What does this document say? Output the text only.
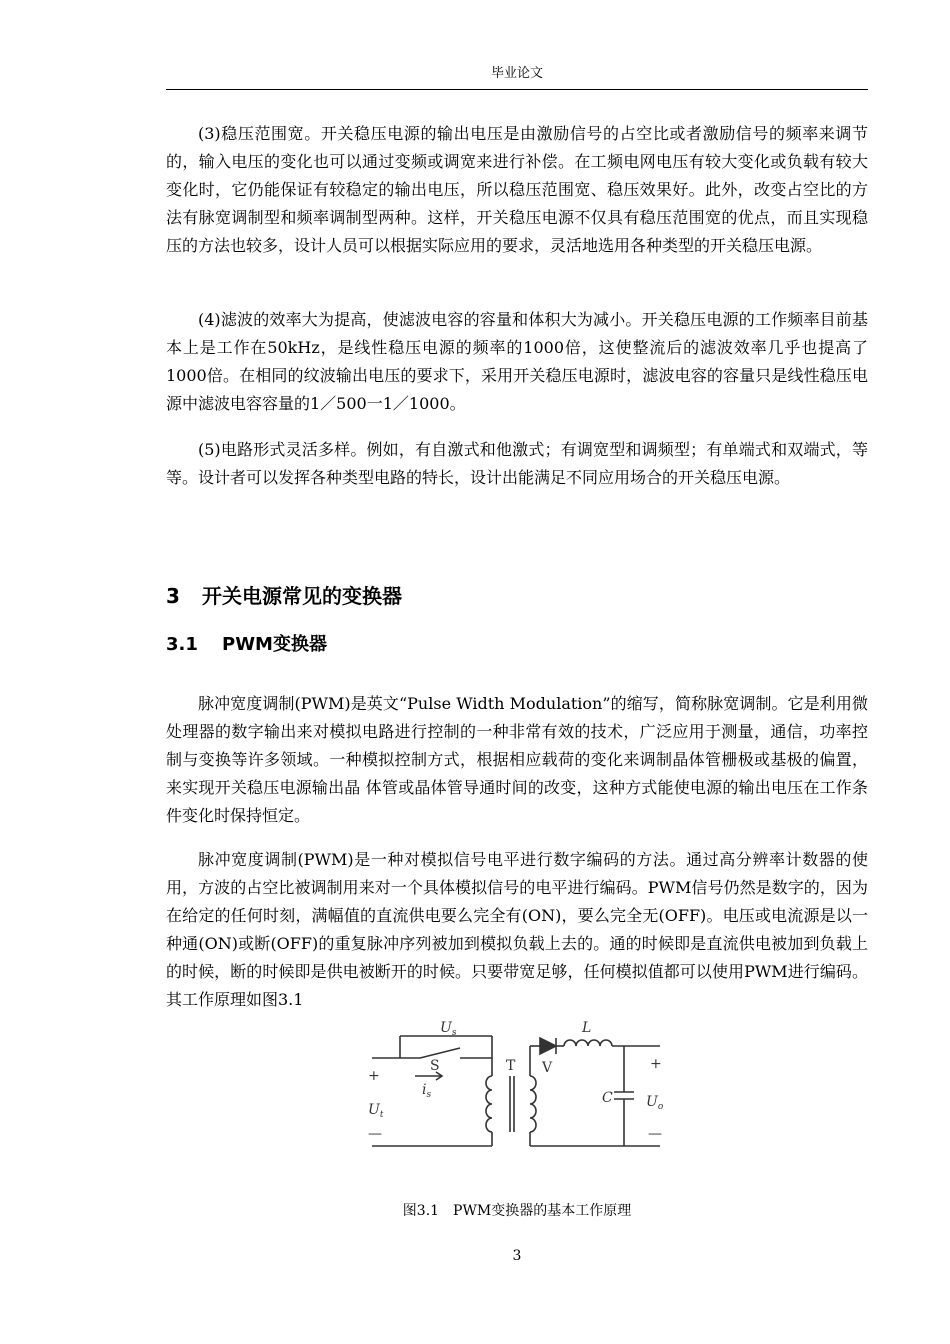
毕业论文

(3)稳压范围宽。开关稳压电源的输出电压是由激励信号的占空比或者激励信号的频率来调节的，输入电压的变化也可以通过变频或调宽来进行补偿。在工频电网电压有较大变化或负载有较大变化时，它仍能保证有较稳定的输出电压，所以稳压范围宽、稳压效果好。此外，改变占空比的方法有脉宽调制型和频率调制型两种。这样，开关稳压电源不仅具有稳压范围宽的优点，而且实现稳压的方法也较多，设计人员可以根据实际应用的要求，灵活地选用各种类型的开关稳压电源。

(4)滤波的效率大为提高，使滤波电容的容量和体积大为减小。开关稳压电源的工作频率目前基本上是工作在50kHz，是线性稳压电源的频率的1000倍，这使整流后的滤波效率几乎也提高了1000倍。在相同的纹波输出电压的要求下，采用开关稳压电源时，滤波电容的容量只是线性稳压电源中滤波电容容量的1／500一1／1000。

(5)电路形式灵活多样。例如，有自激式和他激式；有调宽型和调频型；有单端式和双端式，等等。设计者可以发挥各种类型电路的特长，设计出能满足不同应用场合的开关稳压电源。

3 开关电源常见的变换器
3.1 PWM变换器

脉冲宽度调制(PWM)是英文“Pulse Width Modulation”的缩写，简称脉宽调制。它是利用微处理器的数字输出来对模拟电路进行控制的一种非常有效的技术，广泛应用于测量，通信，功率控制与变换等许多领域。一种模拟控制方式，根据相应载荷的变化来调制晶体管栅极或基极的偏置，来实现开关稳压电源输出晶 体管或晶体管导通时间的改变，这种方式能使电源的输出电压在工作条件变化时保持恒定。

脉冲宽度调制(PWM)是一种对模拟信号电平进行数字编码的方法。通过高分辨率计数器的使用，方波的占空比被调制用来对一个具体模拟信号的电平进行编码。PWM信号仍然是数字的，因为在给定的任何时刻，满幅值的直流供电要么完全有(ON)，要么完全无(OFF)。电压或电流源是以一种通(ON)或断(OFF)的重复脉冲序列被加到模拟负载上去的。通的时候即是直流供电被加到负载上的时候，断的时候即是供电被断开的时候。只要带宽足够，任何模拟值都可以使用PWM进行编码。其工作原理如图3.1

$U_s$
S
$i_s$
+
$U_t$
—
T
L
V
C
+
$U_o$
—
图3.1　PWM变换器的基本工作原理
3
